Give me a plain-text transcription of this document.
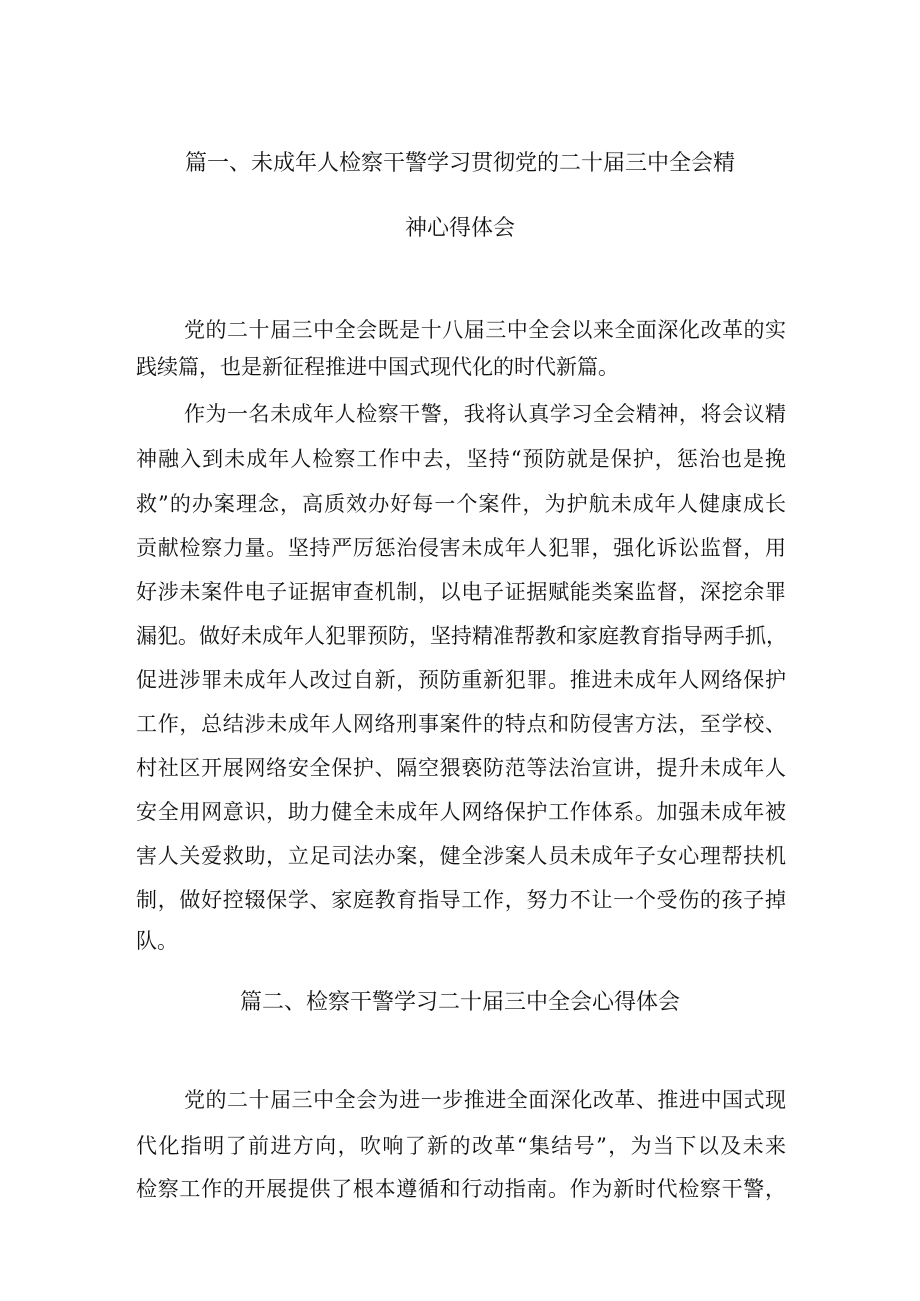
篇一、未成年人检察干警学习贯彻党的二十届三中全会精
神心得体会
党的二十届三中全会既是十八届三中全会以来全面深化改革的实
践续篇，也是新征程推进中国式现代化的时代新篇。
作为一名未成年人检察干警，我将认真学习全会精神，将会议精
神融入到未成年人检察工作中去，坚持“预防就是保护，惩治也是挽
救”的办案理念，高质效办好每一个案件，为护航未成年人健康成长
贡献检察力量。坚持严厉惩治侵害未成年人犯罪，强化诉讼监督，用
好涉未案件电子证据审查机制，以电子证据赋能类案监督，深挖余罪
漏犯。做好未成年人犯罪预防，坚持精准帮教和家庭教育指导两手抓，
促进涉罪未成年人改过自新，预防重新犯罪。推进未成年人网络保护
工作，总结涉未成年人网络刑事案件的特点和防侵害方法，至学校、
村社区开展网络安全保护、隔空猥亵防范等法治宣讲，提升未成年人
安全用网意识，助力健全未成年人网络保护工作体系。加强未成年被
害人关爱救助，立足司法办案，健全涉案人员未成年子女心理帮扶机
制，做好控辍保学、家庭教育指导工作，努力不让一个受伤的孩子掉
队。
篇二、检察干警学习二十届三中全会心得体会
党的二十届三中全会为进一步推进全面深化改革、推进中国式现
代化指明了前进方向，吹响了新的改革“集结号”，为当下以及未来
检察工作的开展提供了根本遵循和行动指南。作为新时代检察干警，
